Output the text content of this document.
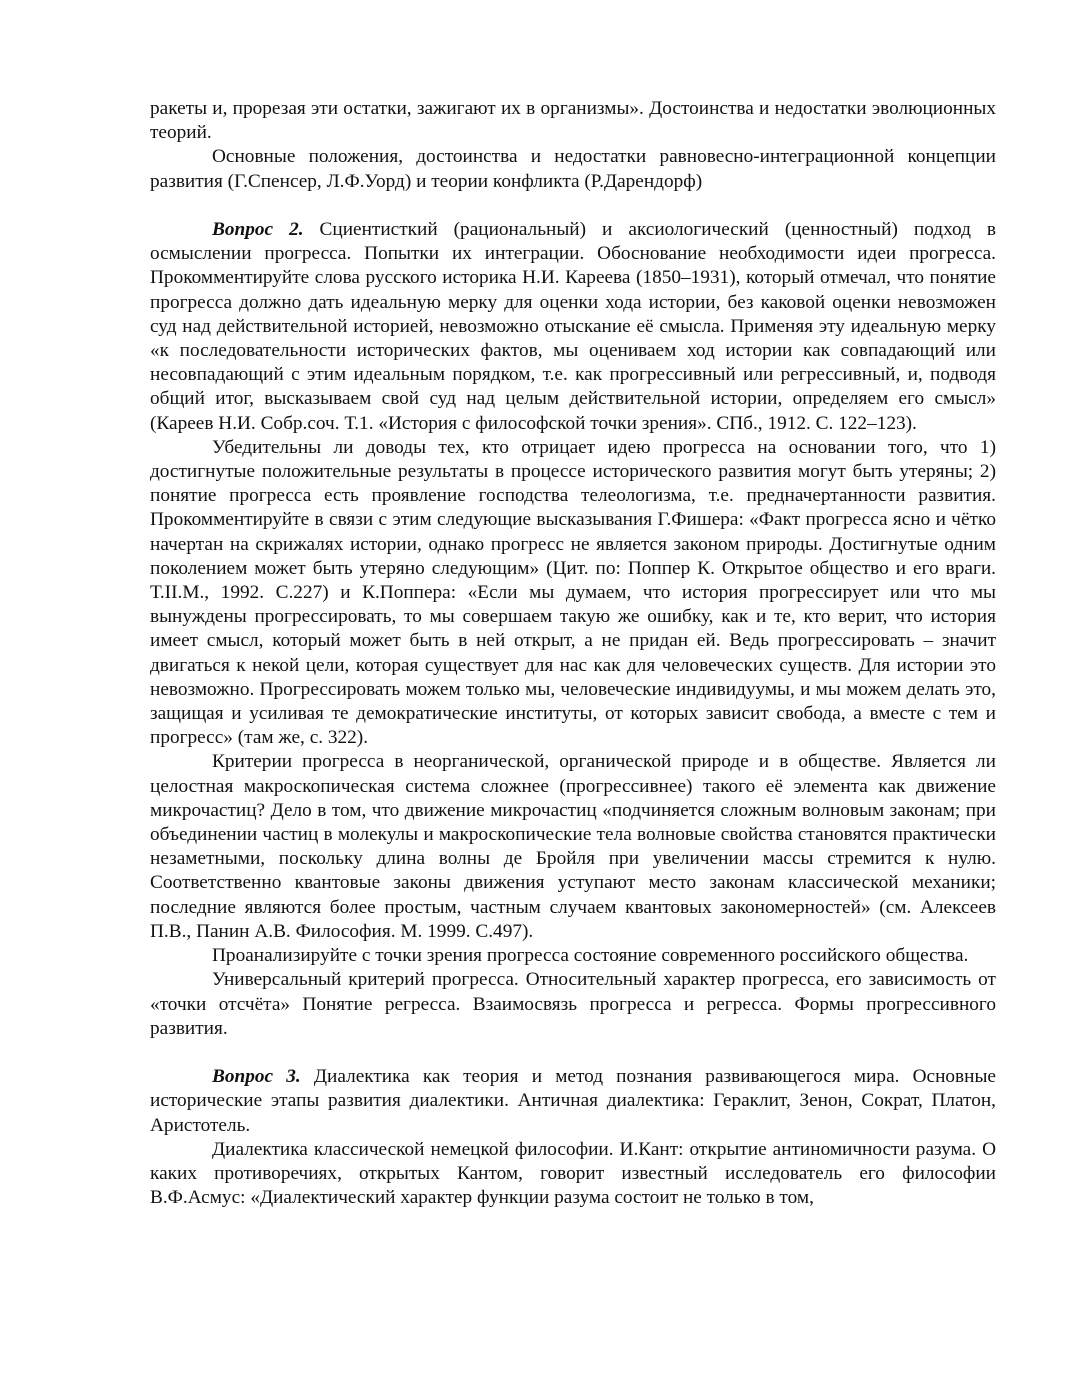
ракеты и, прорезая эти остатки, зажигают их в организмы». Достоинства и недостатки эволюционных теорий.

Основные положения, достоинства и недостатки равновесно-интеграционной концепции развития (Г.Спенсер, Л.Ф.Уорд) и теории конфликта (Р.Дарендорф)

Вопрос 2. Сциентисткий (рациональный) и аксиологический (ценностный) подход в осмыслении прогресса. Попытки их интеграции. Обоснование необходимости идеи прогресса. Прокомментируйте слова русского историка Н.И. Кареева (1850–1931), который отмечал, что понятие прогресса должно дать идеальную мерку для оценки хода истории, без каковой оценки невозможен суд над действительной историей, невозможно отыскание её смысла. Применяя эту идеальную мерку «к последовательности исторических фактов, мы оцениваем ход истории как совпадающий или несовпадающий с этим идеальным порядком, т.е. как прогрессивный или регрессивный, и, подводя общий итог, высказываем свой суд над целым действительной истории, определяем его смысл» (Кареев Н.И. Собр.соч. Т.1. «История с философской точки зрения». СПб., 1912. С. 122–123).

Убедительны ли доводы тех, кто отрицает идею прогресса на основании того, что 1) достигнутые положительные результаты в процессе исторического развития могут быть утеряны; 2) понятие прогресса есть проявление господства телеологизма, т.е. предначертанности развития. Прокомментируйте в связи с этим следующие высказывания Г.Фишера: «Факт прогресса ясно и чётко начертан на скрижалях истории, однако прогресс не является законом природы. Достигнутые одним поколением может быть утеряно следующим» (Цит. по: Поппер К. Открытое общество и его враги. Т.II.М., 1992. С.227) и К.Поппера: «Если мы думаем, что история прогрессирует или что мы вынуждены прогрессировать, то мы совершаем такую же ошибку, как и те, кто верит, что история имеет смысл, который может быть в ней открыт, а не придан ей. Ведь прогрессировать – значит двигаться к некой цели, которая существует для нас как для человеческих существ. Для истории это невозможно. Прогрессировать можем только мы, человеческие индивидуумы, и мы можем делать это, защищая и усиливая те демократические институты, от которых зависит свобода, а вместе с тем и прогресс» (там же, с. 322).

Критерии прогресса в неорганической, органической природе и в обществе. Является ли целостная макроскопическая система сложнее (прогрессивнее) такого её элемента как движение микрочастиц? Дело в том, что движение микрочастиц «подчиняется сложным волновым законам; при объединении частиц в молекулы и макроскопические тела волновые свойства становятся практически незаметными, поскольку длина волны де Бройля при увеличении массы стремится к нулю. Соответственно квантовые законы движения уступают место законам классической механики; последние являются более простым, частным случаем квантовых закономерностей» (см. Алексеев П.В., Панин А.В. Философия. М. 1999. С.497).

Проанализируйте с точки зрения прогресса состояние современного российского общества.

Универсальный критерий прогресса. Относительный характер прогресса, его зависимость от «точки отсчёта» Понятие регресса. Взаимосвязь прогресса и регресса. Формы прогрессивного развития.

Вопрос 3. Диалектика как теория и метод познания развивающегося мира. Основные исторические этапы развития диалектики. Античная диалектика: Гераклит, Зенон, Сократ, Платон, Аристотель.

Диалектика классической немецкой философии. И.Кант: открытие антиномичности разума. О каких противоречиях, открытых Кантом, говорит известный исследователь его философии В.Ф.Асмус: «Диалектический характер функции разума состоит не только в том,
